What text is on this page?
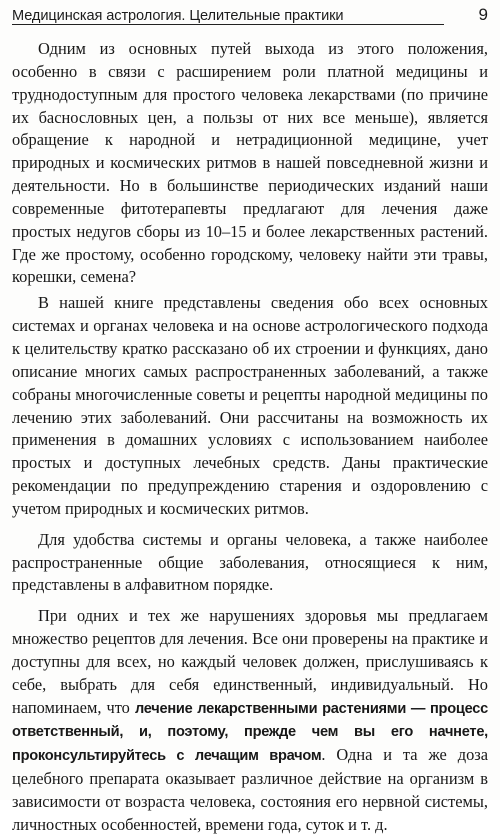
Медицинская астрология. Целительные практики	9

Одним из основных путей выхода из этого положения, особенно в связи с расширением роли платной медицины и труднодоступным для простого человека лекарствами (по причине их баснословных цен, а пользы от них все меньше), является обращение к народной и нетрадиционной медицине, учет природных и космических ритмов в нашей повседневной жизни и деятельности. Но в большинстве периодических изданий наши современные фитотерапевты предлагают для лечения даже простых недугов сборы из 10–15 и более лекарственных растений. Где же простому, особенно городскому, человеку найти эти травы, корешки, семена?

В нашей книге представлены сведения обо всех основных системах и органах человека и на основе астрологического подхода к целительству кратко рассказано об их строении и функциях, дано описание многих самых распространенных заболеваний, а также собраны многочисленные советы и рецепты народной медицины по лечению этих заболеваний. Они рассчитаны на возможность их применения в домашних условиях с использованием наиболее простых и доступных лечебных средств. Даны практические рекомендации по предупреждению старения и оздоровлению с учетом природных и космических ритмов.

Для удобства системы и органы человека, а также наиболее распространенные общие заболевания, относящиеся к ним, представлены в алфавитном порядке.

При одних и тех же нарушениях здоровья мы предлагаем множество рецептов для лечения. Все они проверены на практике и доступны для всех, но каждый человек должен, прислушиваясь к себе, выбрать для себя единственный, индивидуальный. Но напоминаем, что лечение лекарственными растениями — процесс ответственный, и, поэтому, прежде чем вы его начнете, проконсультируйтесь с лечащим врачом. Одна и та же доза целебного препарата оказывает различное действие на организм в зависимости от возраста человека, состояния его нервной системы, личностных особенностей, времени года, суток и т. д.
